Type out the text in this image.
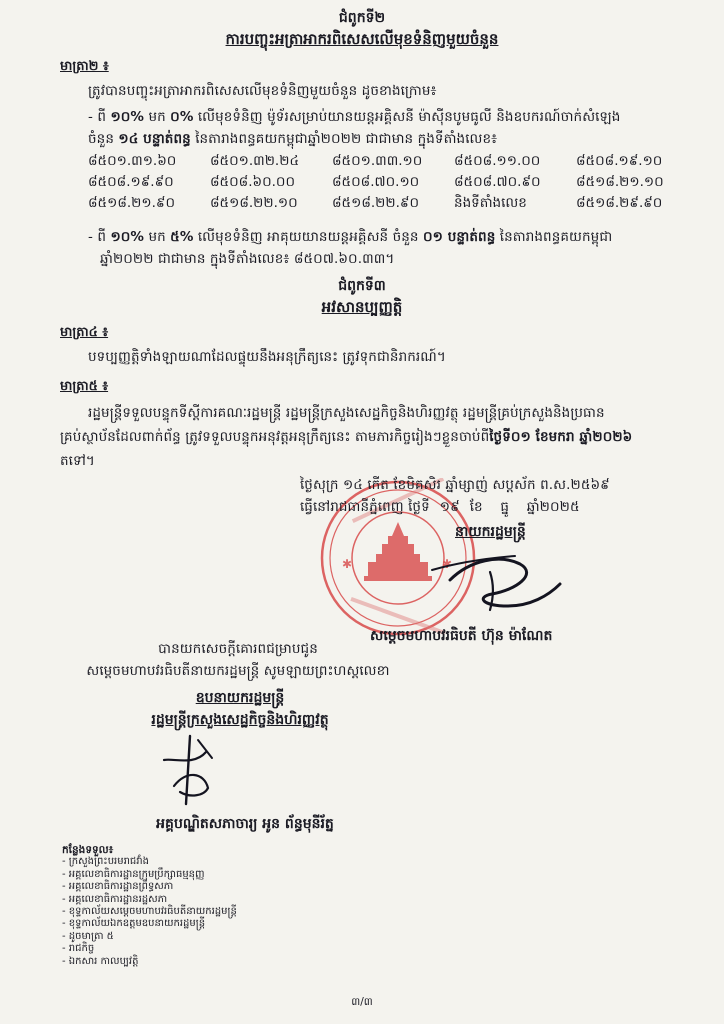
ជំពូកទី២
ការបញ្ចុះអត្រាអាករពិសេសលើមុខទំនិញមួយចំនួន
មាត្រា២ ៖
ត្រូវបានបញ្ចុះអត្រាអាករពិសេសលើមុខទំនិញមួយចំនួន ដូចខាងក្រោម៖
- ពី ១០% មក ០% លើមុខទំនិញ ម៉ូទ័រសម្រាប់យានយន្តអគ្គិសនី ម៉ាស៊ីនបូមធូលី និងឧបករណ៍ចាក់សំឡេង
ចំនួន ១៤ បន្ទាត់ពន្ធ នៃតារាងពន្ធគយកម្ពុជាឆ្នាំ២០២២ ជាជាមាន ក្នុងទីតាំងលេខ៖
៨៥០១.៣១.៦០	៨៥០១.៣២.២៤	៨៥០១.៣៣.១០	៨៥០៨.១១.០០	៨៥០៨.១៩.១០
៨៥០៨.១៩.៩០	៨៥០៨.៦០.០០	៨៥០៨.៧០.១០	៨៥០៨.៧០.៩០	៨៥១៨.២១.១០
៨៥១៨.២១.៩០	៨៥១៨.២២.១០	៨៥១៨.២២.៩០	និងទីតាំងលេខ	៨៥១៨.២៩.៩០
- ពី ១០% មក ៥% លើមុខទំនិញ អាគុយយានយន្តអគ្គិសនី ចំនួន ០១ បន្ទាត់ពន្ធ នៃតារាងពន្ធគយកម្ពុជា
ឆ្នាំ២០២២ ជាជាមាន ក្នុងទីតាំងលេខ៖ ៨៥០៧.៦០.៣៣។
ជំពូកទី៣
អវសានប្បញ្ញត្តិ
មាត្រា៤ ៖
បទប្បញ្ញត្តិទាំងឡាយណាដែលផ្ទុយនឹងអនុក្រឹត្យនេះ ត្រូវទុកជានិរាករណ៍។
មាត្រា៥ ៖
រដ្ឋមន្ត្រីទទួលបន្ទុកទីស្តីការគណៈរដ្ឋមន្ត្រី រដ្ឋមន្ត្រីក្រសួងសេដ្ឋកិច្ចនិងហិរញ្ញវត្ថុ រដ្ឋមន្ត្រីគ្រប់ក្រសួងនិងប្រធាន
គ្រប់ស្ថាប័នដែលពាក់ព័ន្ធ ត្រូវទទួលបន្ទុកអនុវត្តអនុក្រឹត្យនេះ តាមភារកិច្ចរៀងៗខ្លួនចាប់ពីថ្ងៃទី០១ ខែមករា ឆ្នាំ២០២៦
តទៅ។
✱	✱
ថ្ងៃសុក្រ ១៤ កើត ខែមិគសិរ ឆ្នាំម្សាញ់ សប្តស័ក ព.ស.២៥៦៩
ធ្វើនៅរាជធានីភ្នំពេញ ថ្ងៃទី ១៩ ខែ ធ្នូ ឆ្នាំ២០២៥
នាយករដ្ឋមន្ត្រី
សម្តេចមហាបវរធិបតី ហ៊ុន ម៉ាណែត
បានយកសេចក្តីគោរពជម្រាបជូន
សម្តេចមហាបវរធិបតីនាយករដ្ឋមន្ត្រី សូមឡាយព្រះហស្តលេខា
ឧបនាយករដ្ឋមន្ត្រី
រដ្ឋមន្ត្រីក្រសួងសេដ្ឋកិច្ចនិងហិរញ្ញវត្ថុ
អគ្គបណ្ឌិតសភាចារ្យ អូន ព័ន្ធមុនីរ័ត្ន
កន្លែងទទួល៖
- ក្រសួងព្រះបរមរាជវាំង
- អគ្គលេខាធិការដ្ឋានក្រុមប្រឹក្សាធម្មនុញ្ញ
- អគ្គលេខាធិការដ្ឋានព្រឹទ្ធសភា
- អគ្គលេខាធិការដ្ឋានរដ្ឋសភា
- ខុទ្ទកាល័យសម្តេចមហាបវរធិបតីនាយករដ្ឋមន្ត្រី
- ខុទ្ទកាល័យឯកឧត្តមឧបនាយករដ្ឋមន្ត្រី
- ដូចមាត្រា ៥
- រាជកិច្ច
- ឯកសារ កាលប្បវត្តិ
៣/៣
